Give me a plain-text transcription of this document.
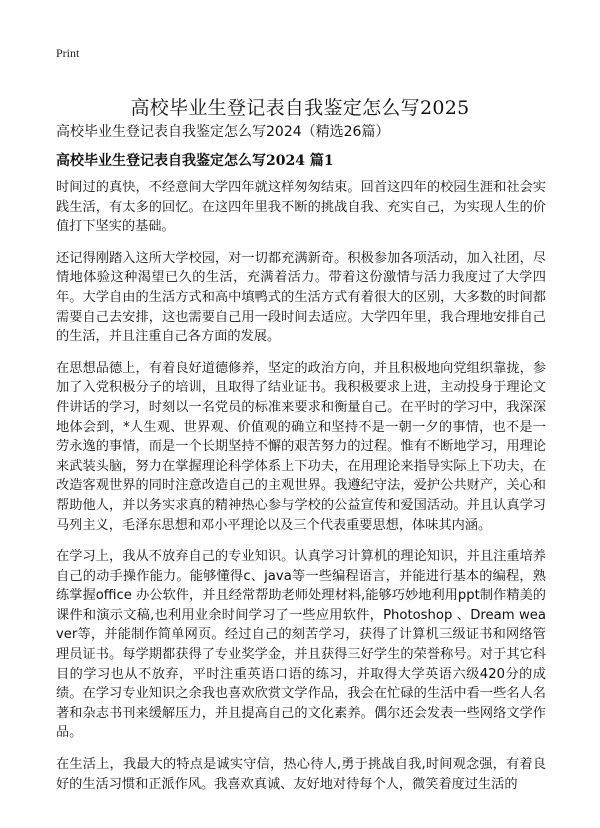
Print
高校毕业生登记表自我鉴定怎么写2025
高校毕业生登记表自我鉴定怎么写2024（精选26篇）
高校毕业生登记表自我鉴定怎么写2024 篇1

时间过的真快，不经意间大学四年就这样匆匆结束。回首这四年的校园生涯和社会实践生活，有太多的回忆。在这四年里我不断的挑战自我、充实自己，为实现人生的价值打下坚实的基础。

还记得刚踏入这所大学校园，对一切都充满新奇。积极参加各项活动，加入社团，尽情地体验这种渴望已久的生活，充满着活力。带着这份激情与活力我度过了大学四年。大学自由的生活方式和高中填鸭式的生活方式有着很大的区别，大多数的时间都需要自己去安排，这也需要自己用一段时间去适应。大学四年里，我合理地安排自己的生活，并且注重自己各方面的发展。

在思想品德上，有着良好道德修养，坚定的政治方向，并且积极地向党组织靠拢，参加了入党积极分子的培训，且取得了结业证书。我积极要求上进，主动投身于理论文件讲话的学习，时刻以一名党员的标准来要求和衡量自己。在平时的学习中，我深深地体会到，*人生观、世界观、价值观的确立和坚持不是一朝一夕的事情，也不是一劳永逸的事情，而是一个长期坚持不懈的艰苦努力的过程。惟有不断地学习，用理论来武装头脑，努力在掌握理论科学体系上下功夫，在用理论来指导实际上下功夫，在改造客观世界的同时注意改造自己的主观世界。我遵纪守法，爱护公共财产，关心和帮助他人，并以务实求真的精神热心参与学校的公益宣传和爱国活动。并且认真学习马列主义，毛泽东思想和邓小平理论以及三个代表重要思想，体味其内涵。

在学习上，我从不放弃自己的专业知识。认真学习计算机的理论知识，并且注重培养自己的动手操作能力。能够懂得c、java等一些编程语言，并能进行基本的编程，熟练掌握office 办公软件，并且经常帮助老师处理材料,能够巧妙地利用ppt制作精美的课件和演示文稿,也利用业余时间学习了一些应用软件，Photoshop 、Dream weaver等，并能制作简单网页。经过自己的刻苦学习，获得了计算机三级证书和网络管理员证书。每学期都获得了专业奖学金，并且获得三好学生的荣誉称号。对于其它科目的学习也从不放弃，平时注重英语口语的练习，并取得大学英语六级420分的成绩。在学习专业知识之余我也喜欢欣赏文学作品，我会在忙碌的生活中看一些名人名著和杂志书刊来缓解压力，并且提高自己的文化素养。偶尔还会发表一些网络文学作品。

在生活上，我最大的特点是诚实守信，热心待人,勇于挑战自我,时间观念强，有着良好的生活习惯和正派作风。我喜欢真诚、友好地对待每个人，微笑着度过生活的
